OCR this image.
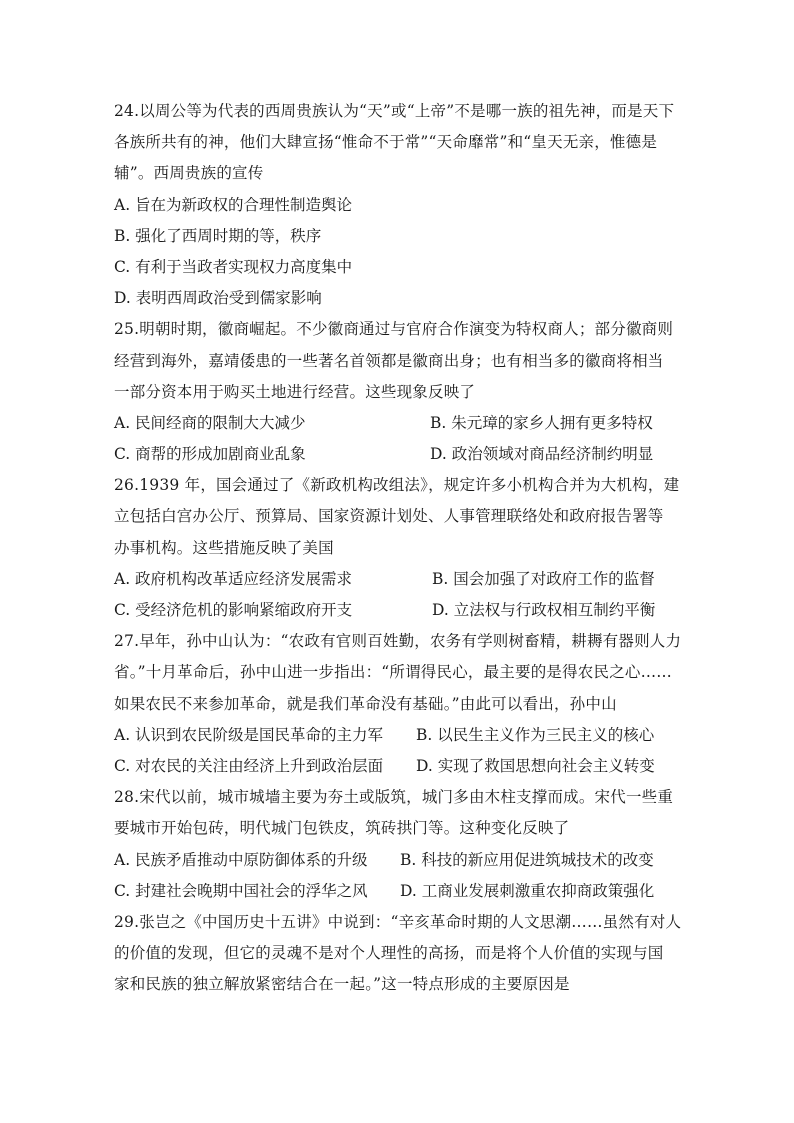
24.以周公等为代表的西周贵族认为“天”或“上帝”不是哪一族的祖先神，而是天下
各族所共有的神，他们大肆宣扬“惟命不于常”“天命靡常”和“皇天无亲，惟德是
辅”。西周贵族的宣传
A. 旨在为新政权的合理性制造舆论
B. 强化了西周时期的等，秩序
C. 有利于当政者实现权力高度集中
D. 表明西周政治受到儒家影响
25.明朝时期，徽商崛起。不少徽商通过与官府合作演变为特权商人；部分徽商则
经营到海外，嘉靖倭患的一些著名首领都是徽商出身；也有相当多的徽商将相当
一部分资本用于购买土地进行经营。这些现象反映了
A. 民间经商的限制大大减少	B. 朱元璋的家乡人拥有更多特权
C. 商帮的形成加剧商业乱象	D. 政治领域对商品经济制约明显
26.1939 年，国会通过了《新政机构改组法》，规定许多小机构合并为大机构，建
立包括白宫办公厅、预算局、国家资源计划处、人事管理联络处和政府报告署等
办事机构。这些措施反映了美国
A. 政府机构改革适应经济发展需求	B. 国会加强了对政府工作的监督
C. 受经济危机的影响紧缩政府开支	D. 立法权与行政权相互制约平衡
27.早年，孙中山认为：“农政有官则百姓勤，农务有学则树畜精，耕耨有器则人力
省。”十月革命后，孙中山进一步指出：“所谓得民心，最主要的是得农民之心……
如果农民不来参加革命，就是我们革命没有基础。”由此可以看出，孙中山
A. 认识到农民阶级是国民革命的主力军	B. 以民生主义作为三民主义的核心
C. 对农民的关注由经济上升到政治层面	D. 实现了救国思想向社会主义转变
28.宋代以前，城市城墙主要为夯土或版筑，城门多由木柱支撑而成。宋代一些重
要城市开始包砖，明代城门包铁皮，筑砖拱门等。这种变化反映了
A. 民族矛盾推动中原防御体系的升级	B. 科技的新应用促进筑城技术的改变
C. 封建社会晚期中国社会的浮华之风	D. 工商业发展刺激重农抑商政策强化
29.张岂之《中国历史十五讲》中说到：“辛亥革命时期的人文思潮……虽然有对人
的价值的发现，但它的灵魂不是对个人理性的高扬，而是将个人价值的实现与国
家和民族的独立解放紧密结合在一起。”这一特点形成的主要原因是
